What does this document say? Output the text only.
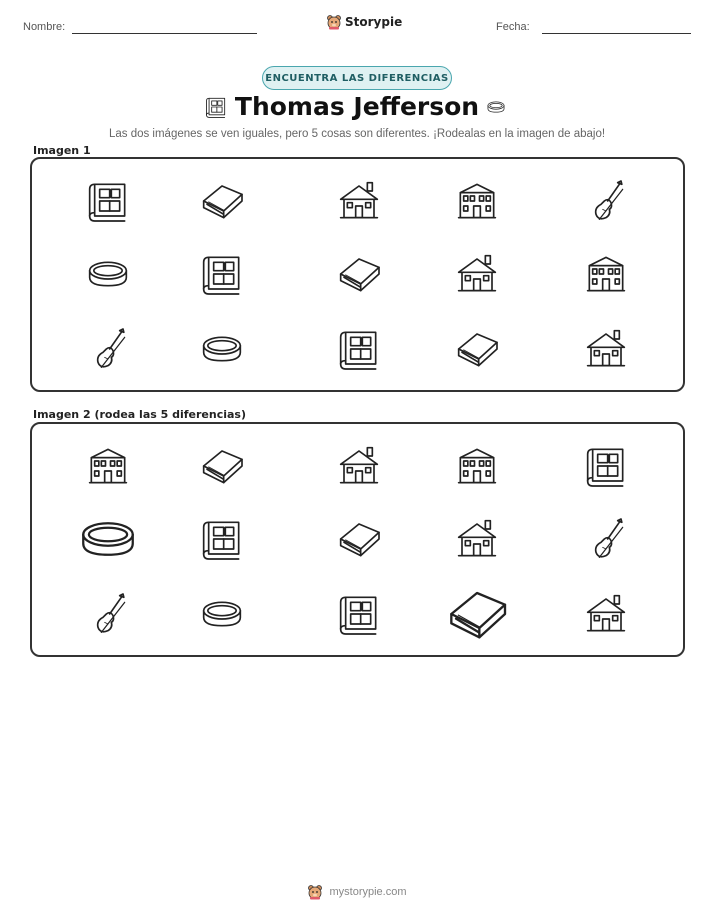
Nombre:	Storypie	Fecha:
ENCUENTRA LAS DIFERENCIAS
Thomas Jefferson
Las dos imágenes se ven iguales, pero 5 cosas son diferentes. ¡Rodealas en la imagen de abajo!
Imagen 1
Imagen 2 (rodea las 5 diferencias)
mystorypie.com
